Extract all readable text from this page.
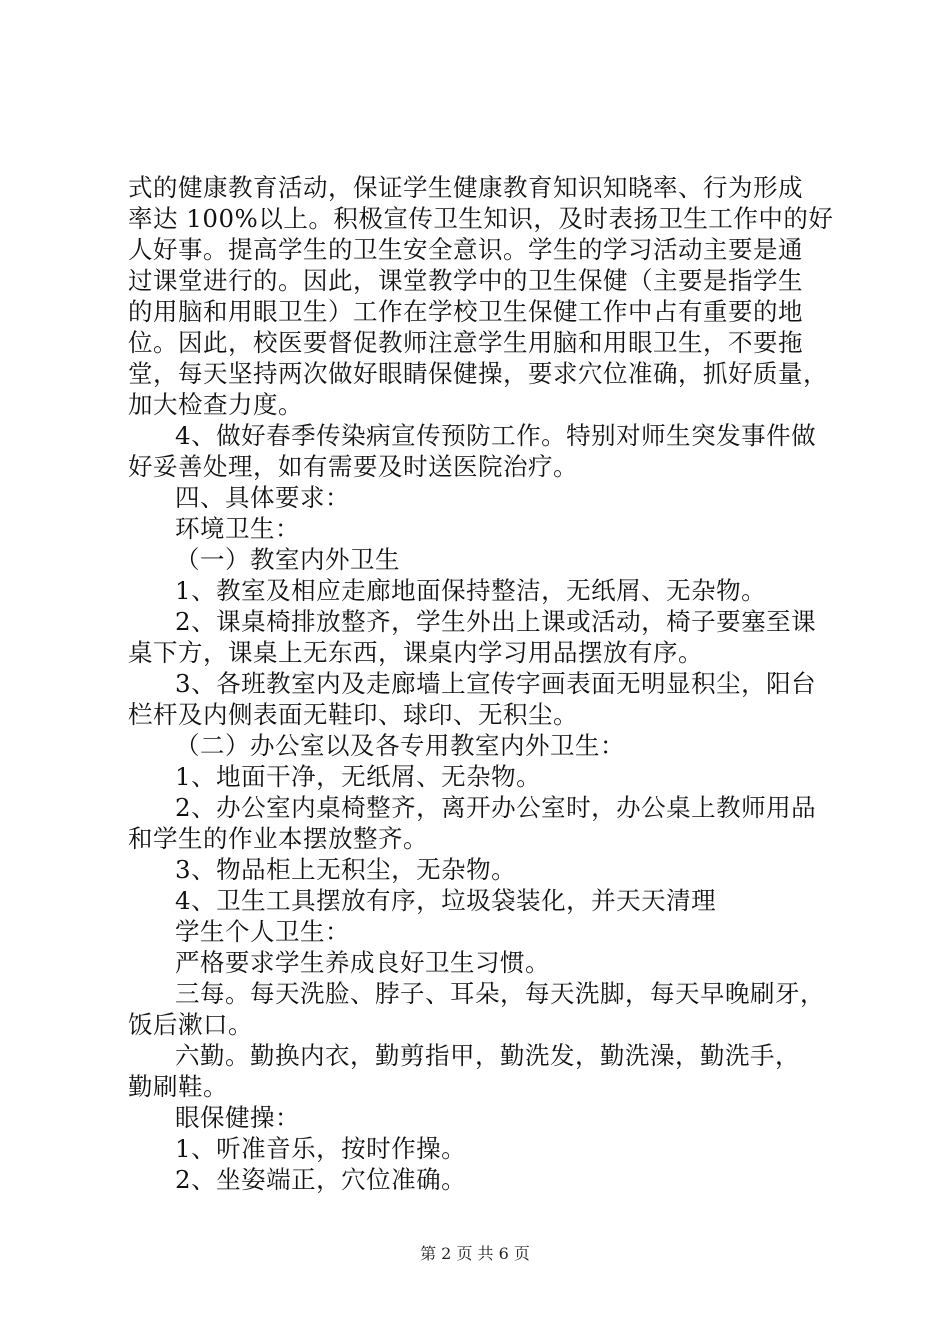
式的健康教育活动，保证学生健康教育知识知晓率、行为形成
率达 100%以上。积极宣传卫生知识，及时表扬卫生工作中的好
人好事。提高学生的卫生安全意识。学生的学习活动主要是通
过课堂进行的。因此，课堂教学中的卫生保健（主要是指学生
的用脑和用眼卫生）工作在学校卫生保健工作中占有重要的地
位。因此，校医要督促教师注意学生用脑和用眼卫生，不要拖
堂，每天坚持两次做好眼睛保健操，要求穴位准确，抓好质量，
加大检查力度。
4、做好春季传染病宣传预防工作。特别对师生突发事件做
好妥善处理，如有需要及时送医院治疗。
四、具体要求：
环境卫生：
（一）教室内外卫生
1、教室及相应走廊地面保持整洁，无纸屑、无杂物。
2、课桌椅排放整齐，学生外出上课或活动，椅子要塞至课
桌下方，课桌上无东西，课桌内学习用品摆放有序。
3、各班教室内及走廊墙上宣传字画表面无明显积尘，阳台
栏杆及内侧表面无鞋印、球印、无积尘。
（二）办公室以及各专用教室内外卫生：
1、地面干净，无纸屑、无杂物。
2、办公室内桌椅整齐，离开办公室时，办公桌上教师用品
和学生的作业本摆放整齐。
3、物品柜上无积尘，无杂物。
4、卫生工具摆放有序，垃圾袋装化，并天天清理
学生个人卫生：
严格要求学生养成良好卫生习惯。
三每。每天洗脸、脖子、耳朵，每天洗脚，每天早晚刷牙，
饭后漱口。
六勤。勤换内衣，勤剪指甲，勤洗发，勤洗澡，勤洗手，
勤刷鞋。
眼保健操：
1、听准音乐，按时作操。
2、坐姿端正，穴位准确。
第 2 页 共 6 页
